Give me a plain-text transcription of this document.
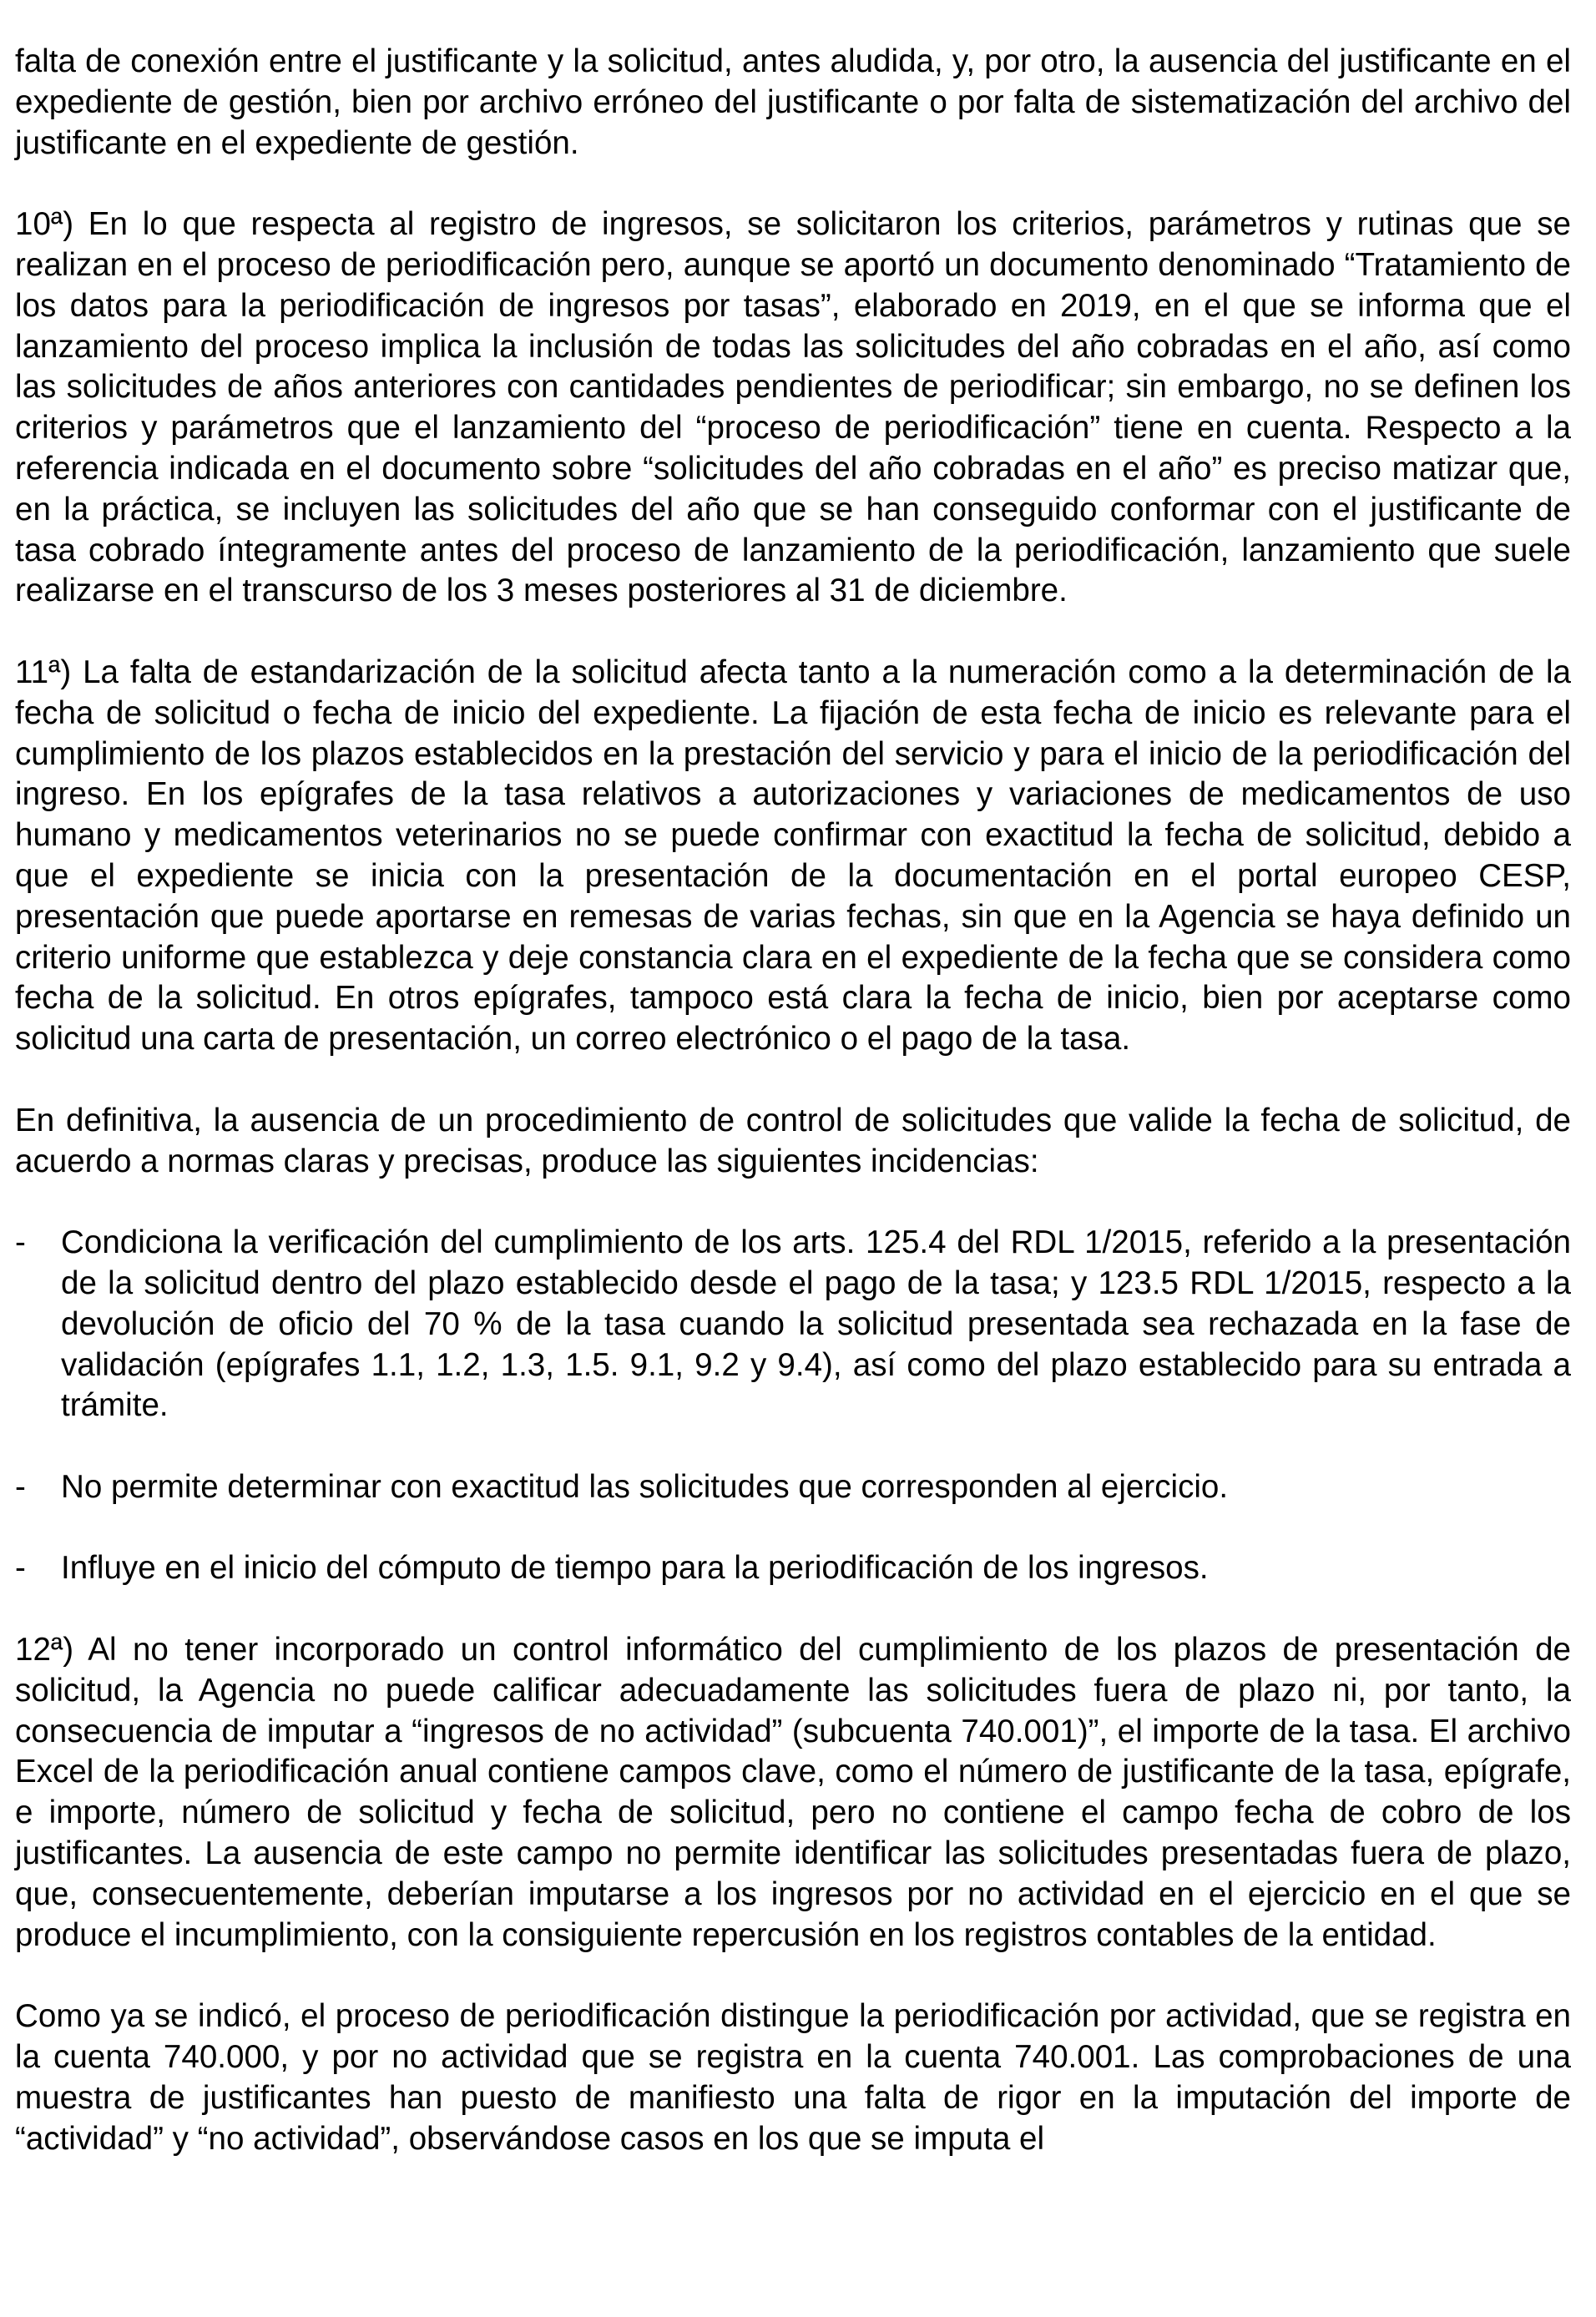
falta de conexión entre el justificante y la solicitud, antes aludida, y, por otro, la ausencia del justificante en el expediente de gestión, bien por archivo erróneo del justificante o por falta de sistematización del archivo del justificante en el expediente de gestión.

10ª) En lo que respecta al registro de ingresos, se solicitaron los criterios, parámetros y rutinas que se realizan en el proceso de periodificación pero, aunque se aportó un documento denominado “Tratamiento de los datos para la periodificación de ingresos por tasas”, elaborado en 2019, en el que se informa que el lanzamiento del proceso implica la inclusión de todas las solicitudes del año cobradas en el año, así como las solicitudes de años anteriores con cantidades pendientes de periodificar; sin embargo, no se definen los criterios y parámetros que el lanzamiento del “proceso de periodificación” tiene en cuenta. Respecto a la referencia indicada en el documento sobre “solicitudes del año cobradas en el año” es preciso matizar que, en la práctica, se incluyen las solicitudes del año que se han conseguido conformar con el justificante de tasa cobrado íntegramente antes del proceso de lanzamiento de la periodificación, lanzamiento que suele realizarse en el transcurso de los 3 meses posteriores al 31 de diciembre.

11ª) La falta de estandarización de la solicitud afecta tanto a la numeración como a la determinación de la fecha de solicitud o fecha de inicio del expediente. La fijación de esta fecha de inicio es relevante para el cumplimiento de los plazos establecidos en la prestación del servicio y para el inicio de la periodificación del ingreso. En los epígrafes de la tasa relativos a autorizaciones y variaciones de medicamentos de uso humano y medicamentos veterinarios no se puede confirmar con exactitud la fecha de solicitud, debido a que el expediente se inicia con la presentación de la documentación en el portal europeo CESP, presentación que puede aportarse en remesas de varias fechas, sin que en la Agencia se haya definido un criterio uniforme que establezca y deje constancia clara en el expediente de la fecha que se considera como fecha de la solicitud. En otros epígrafes, tampoco está clara la fecha de inicio, bien por aceptarse como solicitud una carta de presentación, un correo electrónico o el pago de la tasa.

En definitiva, la ausencia de un procedimiento de control de solicitudes que valide la fecha de solicitud, de acuerdo a normas claras y precisas, produce las siguientes incidencias:

-	Condiciona la verificación del cumplimiento de los arts. 125.4 del RDL 1/2015, referido a la presentación de la solicitud dentro del plazo establecido desde el pago de la tasa; y 123.5 RDL 1/2015, respecto a la devolución de oficio del 70 % de la tasa cuando la solicitud presentada sea rechazada en la fase de validación (epígrafes 1.1, 1.2, 1.3, 1.5. 9.1, 9.2 y 9.4), así como del plazo establecido para su entrada a trámite.
-	No permite determinar con exactitud las solicitudes que corresponden al ejercicio.
-	Influye en el inicio del cómputo de tiempo para la periodificación de los ingresos.

12ª) Al no tener incorporado un control informático del cumplimiento de los plazos de presentación de solicitud, la Agencia no puede calificar adecuadamente las solicitudes fuera de plazo ni, por tanto, la consecuencia de imputar a “ingresos de no actividad” (subcuenta 740.001)”, el importe de la tasa. El archivo Excel de la periodificación anual contiene campos clave, como el número de justificante de la tasa, epígrafe, e importe, número de solicitud y fecha de solicitud, pero no contiene el campo fecha de cobro de los justificantes. La ausencia de este campo no permite identificar las solicitudes presentadas fuera de plazo, que, consecuentemente, deberían imputarse a los ingresos por no actividad en el ejercicio en el que se produce el incumplimiento, con la consiguiente repercusión en los registros contables de la entidad.

Como ya se indicó, el proceso de periodificación distingue la periodificación por actividad, que se registra en la cuenta 740.000, y por no actividad que se registra en la cuenta 740.001. Las comprobaciones de una muestra de justificantes han puesto de manifiesto una falta de rigor en la imputación del importe de “actividad” y “no actividad”, observándose casos en los que se imputa el
